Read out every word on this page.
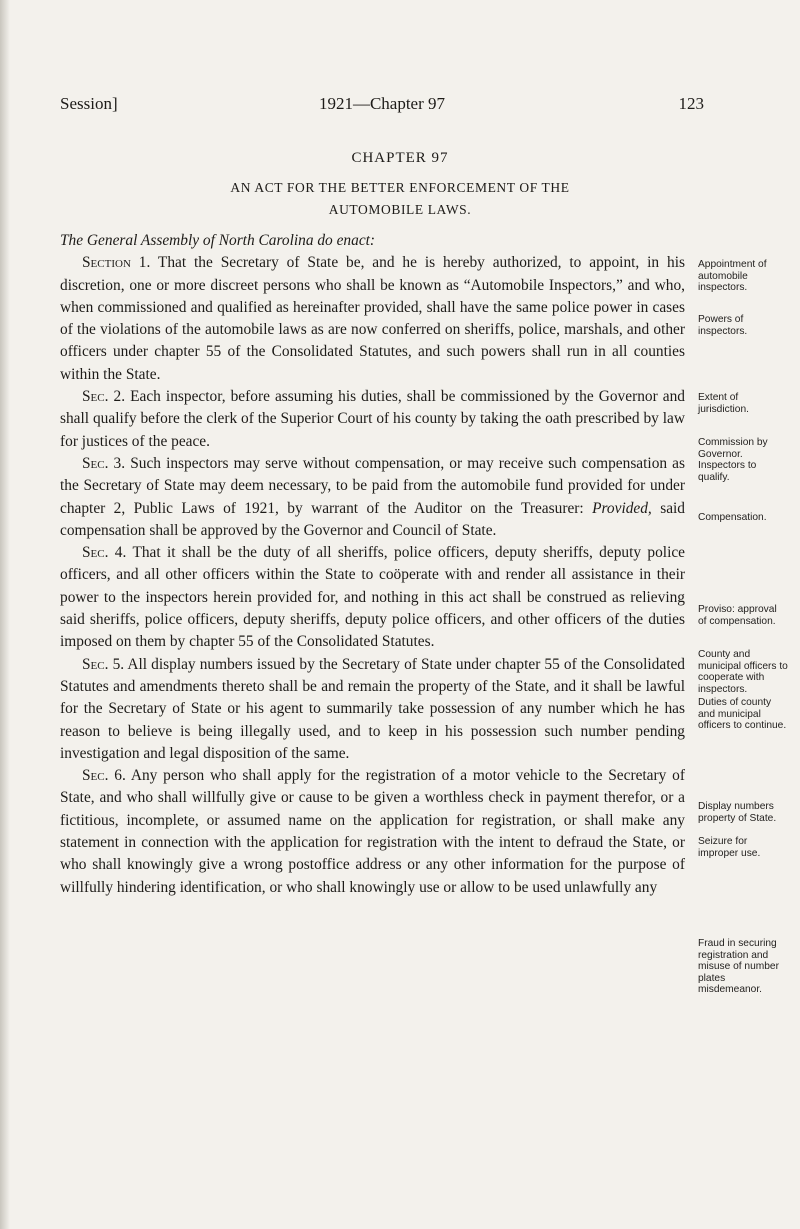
Session]	1921—Chapter 97	123
CHAPTER 97
AN ACT FOR THE BETTER ENFORCEMENT OF THE AUTOMOBILE LAWS.

The General Assembly of North Carolina do enact:

Section 1. That the Secretary of State be, and he is hereby authorized, to appoint, in his discretion, one or more discreet persons who shall be known as “Automobile Inspectors,” and who, when commissioned and qualified as hereinafter provided, shall have the same police power in cases of the violations of the automobile laws as are now conferred on sheriffs, police, marshals, and other officers under chapter 55 of the Consolidated Statutes, and such powers shall run in all counties within the State.

Sec. 2. Each inspector, before assuming his duties, shall be commissioned by the Governor and shall qualify before the clerk of the Superior Court of his county by taking the oath prescribed by law for justices of the peace.

Sec. 3. Such inspectors may serve without compensation, or may receive such compensation as the Secretary of State may deem necessary, to be paid from the automobile fund provided for under chapter 2, Public Laws of 1921, by warrant of the Auditor on the Treasurer: Provided, said compensation shall be approved by the Governor and Council of State.

Sec. 4. That it shall be the duty of all sheriffs, police officers, deputy sheriffs, deputy police officers, and all other officers within the State to coöperate with and render all assistance in their power to the inspectors herein provided for, and nothing in this act shall be construed as relieving said sheriffs, police officers, deputy sheriffs, deputy police officers, and other officers of the duties imposed on them by chapter 55 of the Consolidated Statutes.

Sec. 5. All display numbers issued by the Secretary of State under chapter 55 of the Consolidated Statutes and amendments thereto shall be and remain the property of the State, and it shall be lawful for the Secretary of State or his agent to summarily take possession of any number which he has reason to believe is being illegally used, and to keep in his possession such number pending investigation and legal disposition of the same.

Sec. 6. Any person who shall apply for the registration of a motor vehicle to the Secretary of State, and who shall willfully give or cause to be given a worthless check in payment therefor, or a fictitious, incomplete, or assumed name on the application for registration, or shall make any statement in connection with the application for registration with the intent to defraud the State, or who shall knowingly give a wrong postoffice address or any other information for the purpose of willfully hindering identification, or who shall knowingly use or allow to be used unlawfully any

Appointment of automobile inspectors.
Powers of inspectors.
Extent of jurisdiction.
Commission by Governor.
Inspectors to qualify.
Compensation.
Proviso: approval of compensation.
County and municipal officers to cooperate with inspectors.
Duties of county and municipal officers to continue.
Display numbers property of State.
Seizure for improper use.
Fraud in securing registration and misuse of number plates misdemeanor.
